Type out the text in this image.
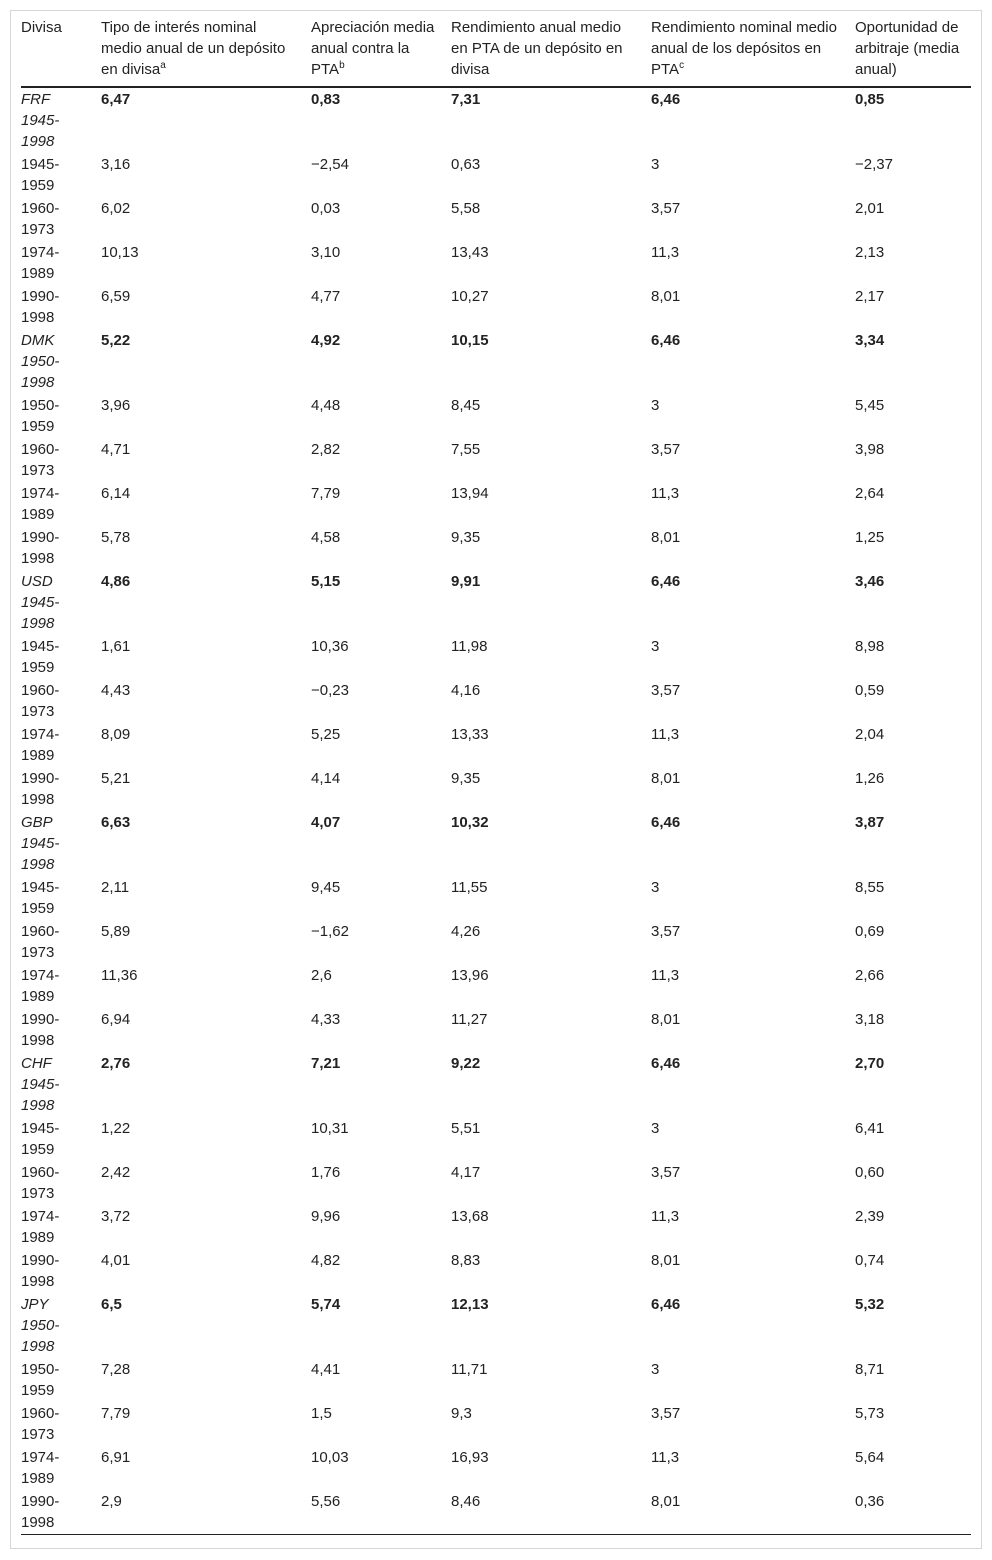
Divisa	Tipo de interés nominal medio anual de un depósito en divisa$^a$	Apreciación media anual contra la PTA$^b$	Rendimiento anual medio en PTA de un depósito en divisa	Rendimiento nominal medio anual de los depósitos en PTA$^c$	Oportunidad de arbitraje (media anual)

FRF 1945-1998	6,47	0,83	7,31	6,46	0,85

1945-1959	3,16	−2,54	0,63	3	−2,37

1960-1973	6,02	0,03	5,58	3,57	2,01

1974-1989	10,13	3,10	13,43	11,3	2,13

1990-1998	6,59	4,77	10,27	8,01	2,17

DMK 1950-1998	5,22	4,92	10,15	6,46	3,34

1950-1959	3,96	4,48	8,45	3	5,45

1960-1973	4,71	2,82	7,55	3,57	3,98

1974-1989	6,14	7,79	13,94	11,3	2,64

1990-1998	5,78	4,58	9,35	8,01	1,25

USD 1945-1998	4,86	5,15	9,91	6,46	3,46

1945-1959	1,61	10,36	11,98	3	8,98

1960-1973	4,43	−0,23	4,16	3,57	0,59

1974-1989	8,09	5,25	13,33	11,3	2,04

1990-1998	5,21	4,14	9,35	8,01	1,26

GBP 1945-1998	6,63	4,07	10,32	6,46	3,87

1945-1959	2,11	9,45	11,55	3	8,55

1960-1973	5,89	−1,62	4,26	3,57	0,69

1974-1989	11,36	2,6	13,96	11,3	2,66

1990-1998	6,94	4,33	11,27	8,01	3,18

CHF 1945-1998	2,76	7,21	9,22	6,46	2,70

1945-1959	1,22	10,31	5,51	3	6,41

1960-1973	2,42	1,76	4,17	3,57	0,60

1974-1989	3,72	9,96	13,68	11,3	2,39

1990-1998	4,01	4,82	8,83	8,01	0,74

JPY 1950-1998	6,5	5,74	12,13	6,46	5,32

1950-1959	7,28	4,41	11,71	3	8,71

1960-1973	7,79	1,5	9,3	3,57	5,73

1974-1989	6,91	10,03	16,93	11,3	5,64

1990-1998	2,9	5,56	8,46	8,01	0,36
